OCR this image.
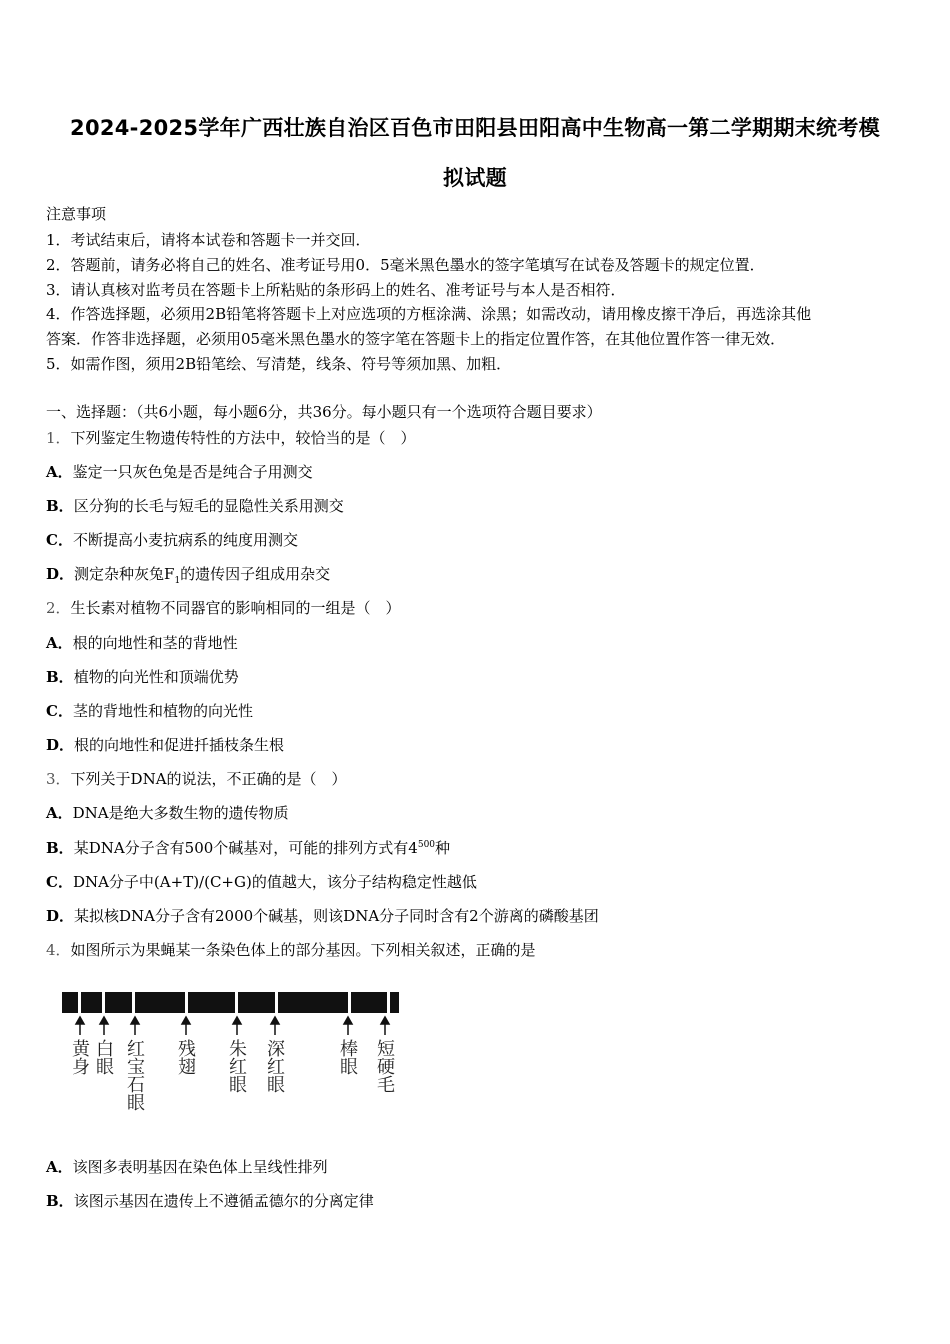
2024-2025学年广西壮族自治区百色市田阳县田阳高中生物高一第二学期期末统考模
拟试题
注意事项
1．考试结束后，请将本试卷和答题卡一并交回．
2．答题前，请务必将自己的姓名、准考证号用0．5毫米黑色墨水的签字笔填写在试卷及答题卡的规定位置．
3．请认真核对监考员在答题卡上所粘贴的条形码上的姓名、准考证号与本人是否相符．
4．作答选择题，必须用2B铅笔将答题卡上对应选项的方框涂满、涂黑；如需改动，请用橡皮擦干净后，再选涂其他
答案．作答非选择题，必须用05毫米黑色墨水的签字笔在答题卡上的指定位置作答，在其他位置作答一律无效．
5．如需作图，须用2B铅笔绘、写清楚，线条、符号等须加黑、加粗．
一、选择题：（共6小题，每小题6分，共36分。每小题只有一个选项符合题目要求）
1．下列鉴定生物遗传特性的方法中，较恰当的是（　）
A．鉴定一只灰色兔是否是纯合子用测交
B．区分狗的长毛与短毛的显隐性关系用测交
C．不断提高小麦抗病系的纯度用测交
D．测定杂种灰兔$F_1$的遗传因子组成用杂交
2．生长素对植物不同器官的影响相同的一组是（　）
A．根的向地性和茎的背地性
B．植物的向光性和顶端优势
C．茎的背地性和植物的向光性
D．根的向地性和促进扦插枝条生根
3．下列关于DNA的说法，不正确的是（　）
A．DNA是绝大多数生物的遗传物质
B．某DNA分子含有500个碱基对，可能的排列方式有$4^{500}$种
C．DNA分子中(A+T)/(C+G)的值越大，该分子结构稳定性越低
D．某拟核DNA分子含有2000个碱基，则该DNA分子同时含有2个游离的磷酸基团
4．如图所示为果蝇某一条染色体上的部分基因。下列相关叙述，正确的是
黄身 白眼 红宝石眼 残翅 朱红眼 深红眼	棒眼 短硬毛
A．该图多表明基因在染色体上呈线性排列
B．该图示基因在遗传上不遵循孟德尔的分离定律
